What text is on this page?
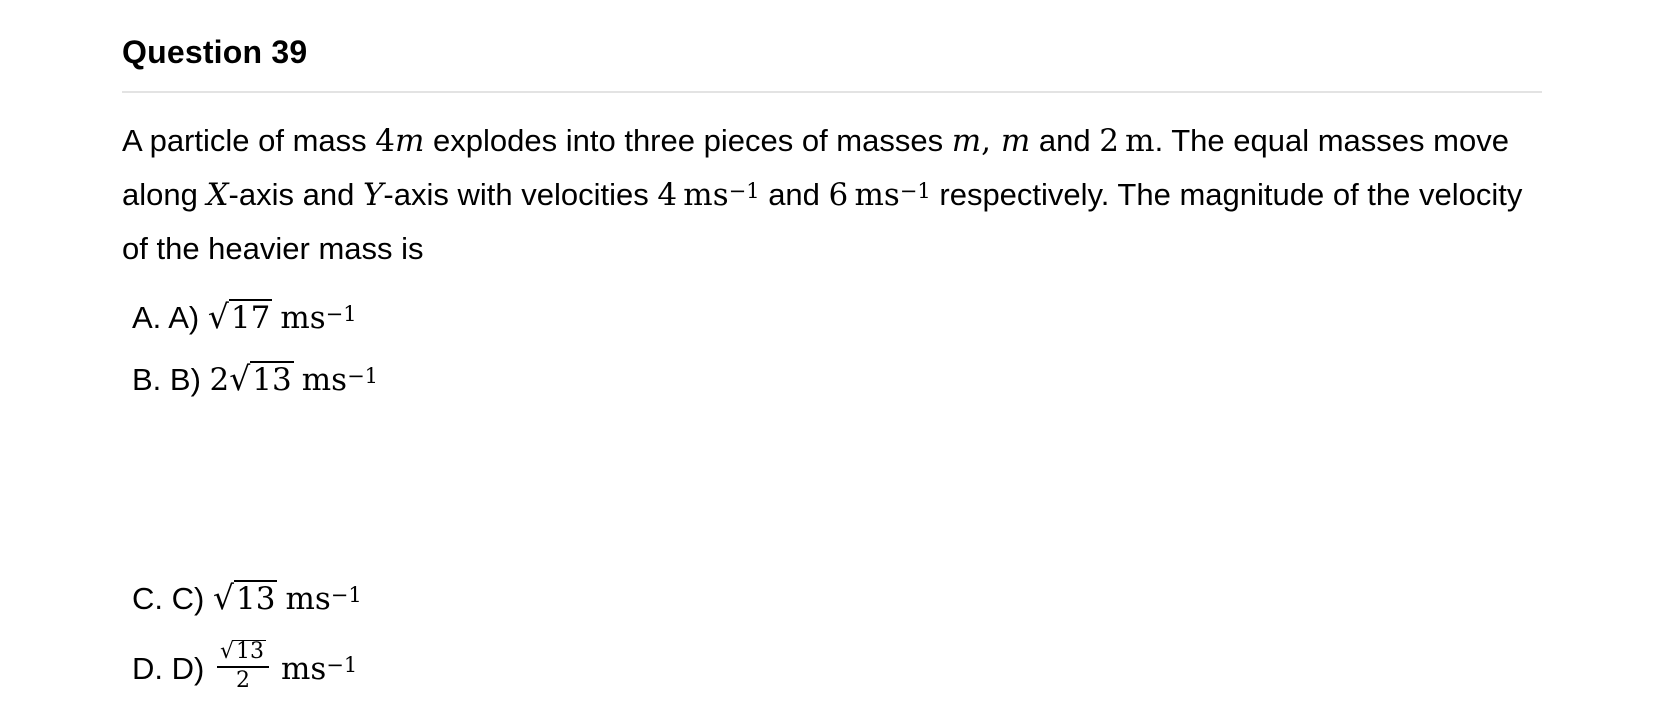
Question 39
A particle of mass 4m explodes into three pieces of masses m, m and 2  m. The equal masses move along X-axis and Y-axis with velocities 4  $ms^{-1}$ and 6  $ms^{-1}$ respectively. The magnitude of the velocity of the heavier mass is
A. A) √17 $ms^{-1}$
B. B) 2√13 $ms^{-1}$
C. C) √13 $ms^{-1}$
D. $D) \frac{√13}{2} ms^{-1}$
